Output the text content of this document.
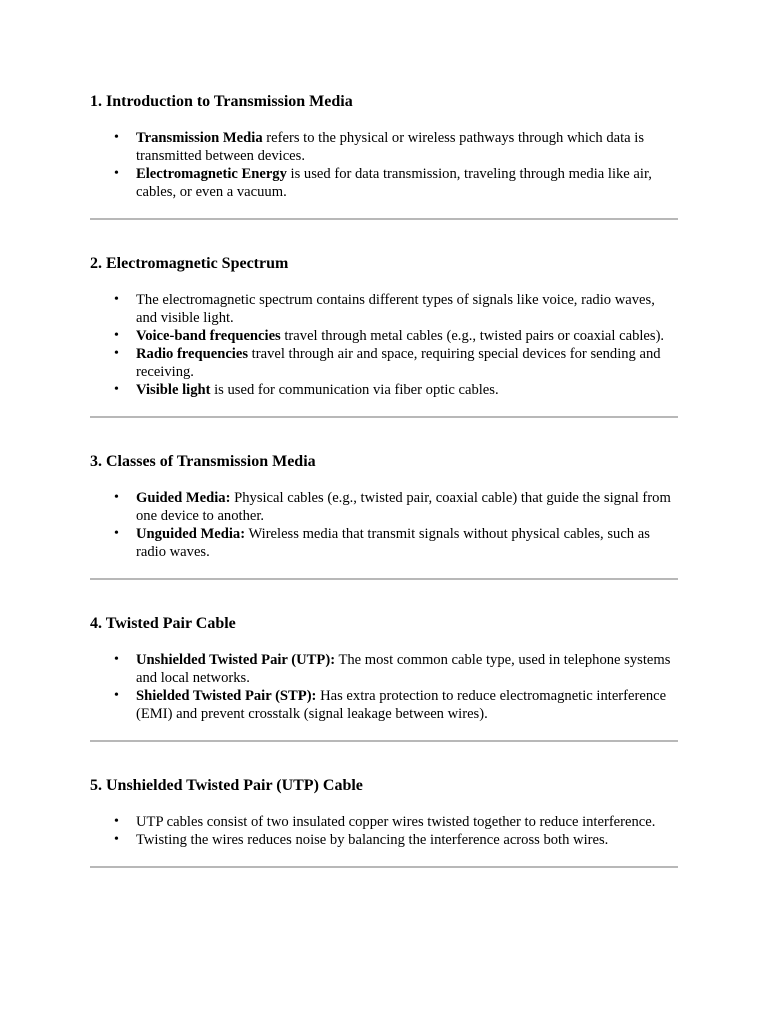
1. Introduction to Transmission Media
• Transmission Media refers to the physical or wireless pathways through which data is transmitted between devices.
• Electromagnetic Energy is used for data transmission, traveling through media like air, cables, or even a vacuum.
2. Electromagnetic Spectrum
• The electromagnetic spectrum contains different types of signals like voice, radio waves, and visible light.
• Voice-band frequencies travel through metal cables (e.g., twisted pairs or coaxial cables).
• Radio frequencies travel through air and space, requiring special devices for sending and receiving.
• Visible light is used for communication via fiber optic cables.
3. Classes of Transmission Media
• Guided Media: Physical cables (e.g., twisted pair, coaxial cable) that guide the signal from one device to another.
• Unguided Media: Wireless media that transmit signals without physical cables, such as radio waves.
4. Twisted Pair Cable
• Unshielded Twisted Pair (UTP): The most common cable type, used in telephone systems and local networks.
• Shielded Twisted Pair (STP): Has extra protection to reduce electromagnetic interference (EMI) and prevent crosstalk (signal leakage between wires).
5. Unshielded Twisted Pair (UTP) Cable
• UTP cables consist of two insulated copper wires twisted together to reduce interference.
• Twisting the wires reduces noise by balancing the interference across both wires.
